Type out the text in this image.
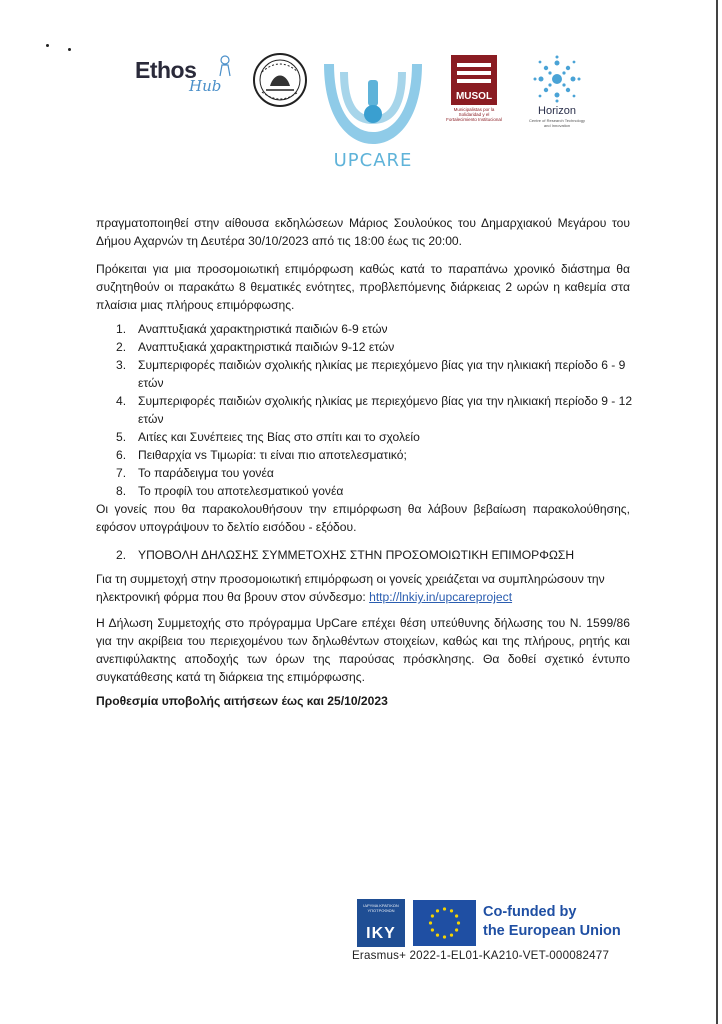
Ethos
Hub
UPCARE
MUSOL
Municipalistas por la Solidaridad y el Fortalecimiento Institucional
Horizon
Centre of Research Technology and Innovation
πραγματοποιηθεί στην αίθουσα εκδηλώσεων Μάριος Σουλούκος του Δημαρχιακού Μεγάρου του Δήμου Αχαρνών τη Δευτέρα 30/10/2023 από τις 18:00 έως τις 20:00.
Πρόκειται για μια προσομοιωτική επιμόρφωση καθώς κατά το παραπάνω χρονικό διάστημα θα συζητηθούν οι παρακάτω 8 θεματικές ενότητες, προβλεπόμενης διάρκειας 2 ωρών η καθεμία στα πλαίσια μιας πλήρους επιμόρφωσης.
1. Αναπτυξιακά χαρακτηριστικά παιδιών 6-9 ετών
2. Αναπτυξιακά χαρακτηριστικά παιδιών 9-12 ετών
3. Συμπεριφορές παιδιών σχολικής ηλικίας με περιεχόμενο βίας για την ηλικιακή περίοδο 6 - 9 ετών
4. Συμπεριφορές παιδιών σχολικής ηλικίας με περιεχόμενο βίας για την ηλικιακή περίοδο 9 - 12 ετών
5. Αιτίες και Συνέπειες της Βίας στο σπίτι και το σχολείο
6. Πειθαρχία vs Τιμωρία: τι είναι πιο αποτελεσματικό;
7. Το παράδειγμα του γονέα
8. Το προφίλ του αποτελεσματικού γονέα
Οι γονείς που θα παρακολουθήσουν την επιμόρφωση θα λάβουν βεβαίωση παρακολούθησης, εφόσον υπογράψουν το δελτίο εισόδου - εξόδου.
2. ΥΠΟΒΟΛΗ ΔΗΛΩΣΗΣ ΣΥΜΜΕΤΟΧΗΣ ΣΤΗΝ ΠΡΟΣΟΜΟΙΩΤΙΚΗ ΕΠΙΜΟΡΦΩΣΗ
Για τη συμμετοχή στην προσομοιωτική επιμόρφωση οι γονείς χρειάζεται να συμπληρώσουν την
ηλεκτρονική φόρμα που θα βρουν στον σύνδεσμο: http://lnkiy.in/upcareproject
Η Δήλωση Συμμετοχής στο πρόγραμμα UpCare επέχει θέση υπεύθυνης δήλωσης του Ν. 1599/86 για την ακρίβεια του περιεχομένου των δηλωθέντων στοιχείων, καθώς και της πλήρους, ρητής και ανεπιφύλακτης αποδοχής των όρων της παρούσας πρόσκλησης. Θα δοθεί σχετικό έντυπο συγκατάθεσης κατά τη διάρκεια της επιμόρφωσης.
Προθεσμία υποβολής αιτήσεων έως και 25/10/2023
ΙΔΡΥΜΑ ΚΡΑΤΙΚΩΝ ΥΠΟΤΡΟΦΙΩΝ
IKY
Co-funded by
the European Union
Erasmus+ 2022-1-EL01-KA210-VET-000082477
